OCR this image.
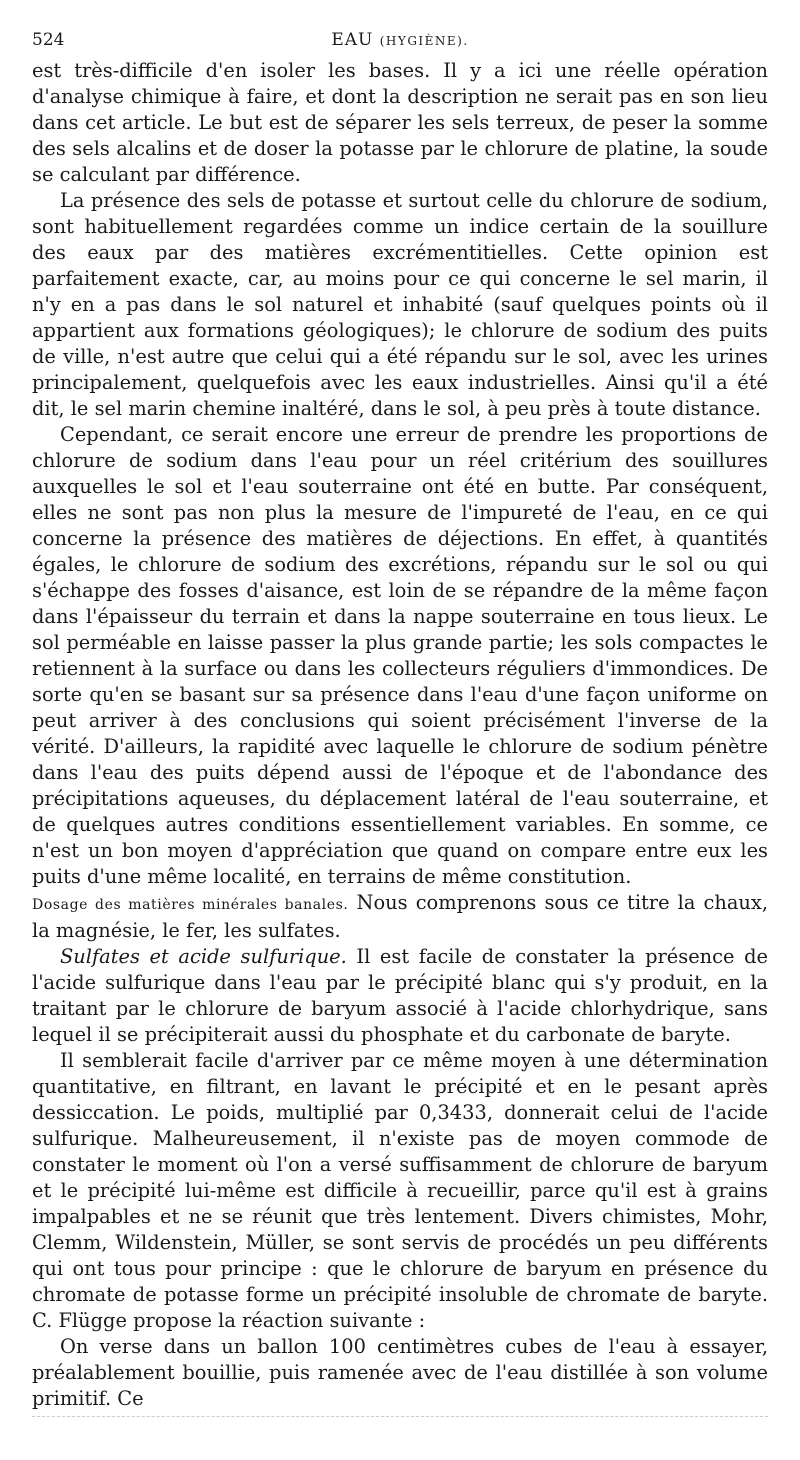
524	EAU (HYGIÈNE).

est très-difficile d'en isoler les bases. Il y a ici une réelle opération d'analyse chimique à faire, et dont la description ne serait pas en son lieu dans cet article. Le but est de séparer les sels terreux, de peser la somme des sels alcalins et de doser la potasse par le chlorure de platine, la soude se calculant par différence.

La présence des sels de potasse et surtout celle du chlorure de sodium, sont habituellement regardées comme un indice certain de la souillure des eaux par des matières excrémentitielles. Cette opinion est parfaitement exacte, car, au moins pour ce qui concerne le sel marin, il n'y en a pas dans le sol naturel et inhabité (sauf quelques points où il appartient aux formations géologiques); le chlorure de sodium des puits de ville, n'est autre que celui qui a été répandu sur le sol, avec les urines principalement, quelquefois avec les eaux industrielles. Ainsi qu'il a été dit, le sel marin chemine inaltéré, dans le sol, à peu près à toute distance.

Cependant, ce serait encore une erreur de prendre les proportions de chlorure de sodium dans l'eau pour un réel critérium des souillures auxquelles le sol et l'eau souterraine ont été en butte. Par conséquent, elles ne sont pas non plus la mesure de l'impureté de l'eau, en ce qui concerne la présence des matières de déjections. En effet, à quantités égales, le chlorure de sodium des excrétions, répandu sur le sol ou qui s'échappe des fosses d'aisance, est loin de se répandre de la même façon dans l'épaisseur du terrain et dans la nappe souterraine en tous lieux. Le sol perméable en laisse passer la plus grande partie; les sols compactes le retiennent à la surface ou dans les collecteurs réguliers d'immondices. De sorte qu'en se basant sur sa présence dans l'eau d'une façon uniforme on peut arriver à des conclusions qui soient précisément l'inverse de la vérité. D'ailleurs, la rapidité avec laquelle le chlorure de sodium pénètre dans l'eau des puits dépend aussi de l'époque et de l'abondance des précipitations aqueuses, du déplacement latéral de l'eau souterraine, et de quelques autres conditions essentiellement variables. En somme, ce n'est un bon moyen d'appréciation que quand on compare entre eux les puits d'une même localité, en terrains de même constitution.

Dosage des matières minérales banales. Nous comprenons sous ce titre la chaux, la magnésie, le fer, les sulfates.

Sulfates et acide sulfurique. Il est facile de constater la présence de l'acide sulfurique dans l'eau par le précipité blanc qui s'y produit, en la traitant par le chlorure de baryum associé à l'acide chlorhydrique, sans lequel il se précipiterait aussi du phosphate et du carbonate de baryte.

Il semblerait facile d'arriver par ce même moyen à une détermination quantitative, en filtrant, en lavant le précipité et en le pesant après dessiccation. Le poids, multiplié par 0,3433, donnerait celui de l'acide sulfurique. Malheureusement, il n'existe pas de moyen commode de constater le moment où l'on a versé suffisamment de chlorure de baryum et le précipité lui-même est difficile à recueillir, parce qu'il est à grains impalpables et ne se réunit que très lentement. Divers chimistes, Mohr, Clemm, Wildenstein, Müller, se sont servis de procédés un peu différents qui ont tous pour principe : que le chlorure de baryum en présence du chromate de potasse forme un précipité insoluble de chromate de baryte. C. Flügge propose la réaction suivante :

On verse dans un ballon 100 centimètres cubes de l'eau à essayer, préalablement bouillie, puis ramenée avec de l'eau distillée à son volume primitif. Ce
